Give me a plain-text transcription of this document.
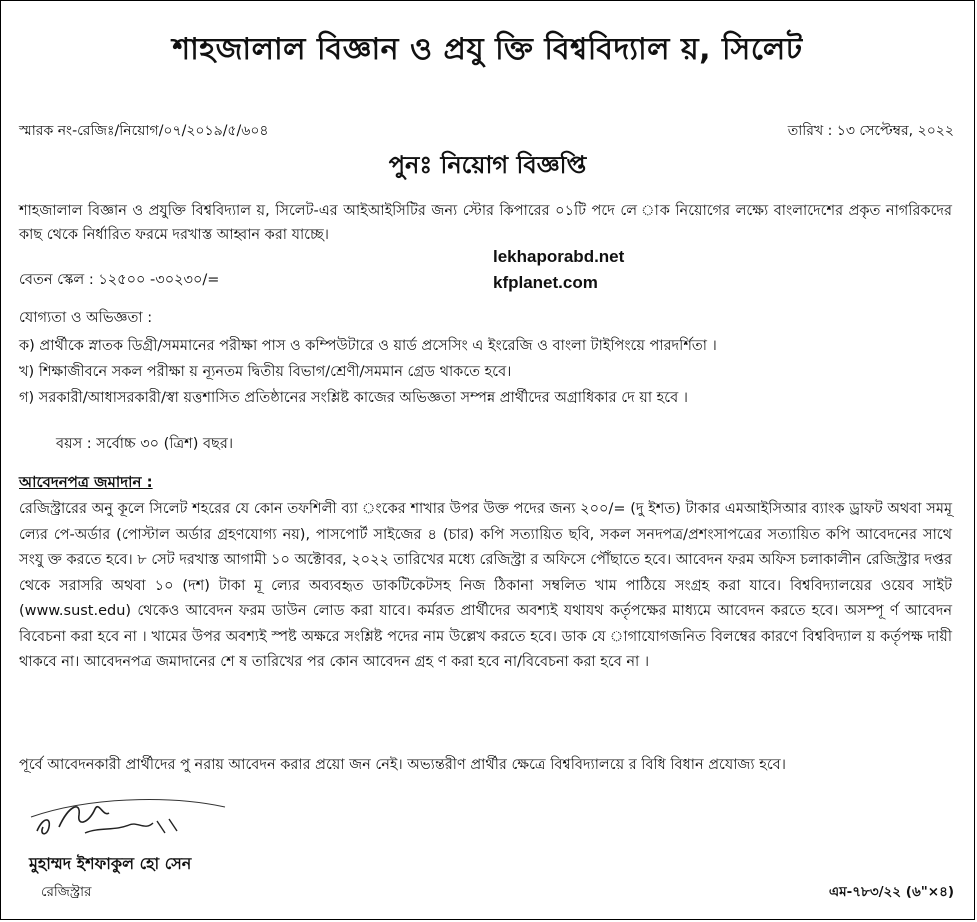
শাহজালাল বিজ্ঞান ও প্রযু ক্তি বিশ্ববিদ্যাল য়, সিলেট
স্মারক নং-রেজিঃ/নিয়োগ/০৭/২০১৯/৫/৬০৪	তারিখ : ১৩ সেপ্টেম্বর, ২০২২
পুনঃ নিয়োগ বিজ্ঞপ্তি
শাহজালাল বিজ্ঞান ও প্রযুক্তি বিশ্ববিদ্যাল য়, সিলেট-এর আইআইসিটির জন্য স্টোর কিপারের ০১টি পদে লে াক নিয়োগের লক্ষ্যে বাংলাদেশের প্রকৃত নাগরিকদের কাছ থেকে নির্ধারিত ফরমে দরখাস্ত আহ্বান করা যাচ্ছে।
বেতন স্কেল : ১২৫০০ -৩০২৩০/=
lekhaporabd.net
kfplanet.com
যোগ্যতা ও অভিজ্ঞতা :
ক) প্রার্থীকে স্নাতক ডিগ্রী/সমমানের পরীক্ষা পাস ও কম্পিউটারে ও য়ার্ড প্রসেসিং এ ইংরেজি ও বাংলা টাইপিংয়ে পারদর্শিতা ।
খ) শিক্ষাজীবনে সকল পরীক্ষা য় ন্যূনতম দ্বিতীয় বিভাগ/শ্রেণী/সমমান গ্রেড থাকতে হবে।
গ) সরকারী/আধাসরকারী/স্বা য়ত্তশাসিত প্রতিষ্ঠানের সংশ্লিষ্ট কাজের অভিজ্ঞতা সম্পন্ন প্রার্থীদের অগ্রাধিকার দে য়া হবে ।
বয়স : সর্বোচ্চ ৩০ (ত্রিশ) বছর।
আবেদনপত্র জমাদান :
রেজিস্ট্রারের অনু কূলে সিলেট শহরের যে কোন তফশিলী ব্যা ংকের শাখার উপর উক্ত পদের জন্য ২০০/= (দু ইশত) টাকার এমআইসিআর ব্যাংক ড্রাফট অথবা সমমূ ল্যের পে-অর্ডার (পোস্টাল অর্ডার গ্রহণযোগ্য নয়), পাসপোর্ট সাইজের ৪ (চার) কপি সত্যায়িত ছবি, সকল সনদপত্র/প্রশংসাপত্রের সত্যায়িত কপি আবেদনের সাথে সংযু ক্ত করতে হবে। ৮ সেট দরখাস্ত আগামী ১০ অক্টোবর, ২০২২ তারিখের মধ্যে রেজিস্ট্রা র অফিসে পৌঁছাতে হবে। আবেদন ফরম অফিস চলাকালীন রেজিস্ট্রার দপ্তর থেকে সরাসরি অথবা ১০ (দশ) টাকা মূ ল্যের অব্যবহৃত ডাকটিকেটসহ নিজ ঠিকানা সম্বলিত খাম পাঠিয়ে সংগ্রহ করা যাবে। বিশ্ববিদ্যালয়ের ওয়েব সাইট (www.sust.edu) থেকেও আবেদন ফরম ডাউন লোড করা যাবে। কর্মরত প্রার্থীদের অবশ্যই যথাযথ কর্তৃপক্ষের মাধ্যমে আবেদন করতে হবে। অসম্পূ র্ণ আবেদন বিবেচনা করা হবে না । খামের উপর অবশ্যই স্পষ্ট অক্ষরে সংশ্লিষ্ট পদের নাম উল্লেখ করতে হবে। ডাক যে াগাযোগজনিত বিলম্বের কারণে বিশ্ববিদ্যাল য় কর্তৃপক্ষ দায়ী থাকবে না। আবেদনপত্র জমাদানের শে ষ তারিখের পর কোন আবেদন গ্রহ ণ করা হবে না/বিবেচনা করা হবে না ।
পূর্বে আবেদনকারী প্রার্থীদের পু নরায় আবেদন করার প্রয়ো জন নেই। অভ্যন্তরীণ প্রার্থীর ক্ষেত্রে বিশ্ববিদ্যালয়ে র বিধি বিধান প্রযোজ্য হবে।
মুহাম্মদ ইশফাকুল হো সেন
রেজিস্ট্রার	এম-৭৮৩/২২ (৬"×৪)
